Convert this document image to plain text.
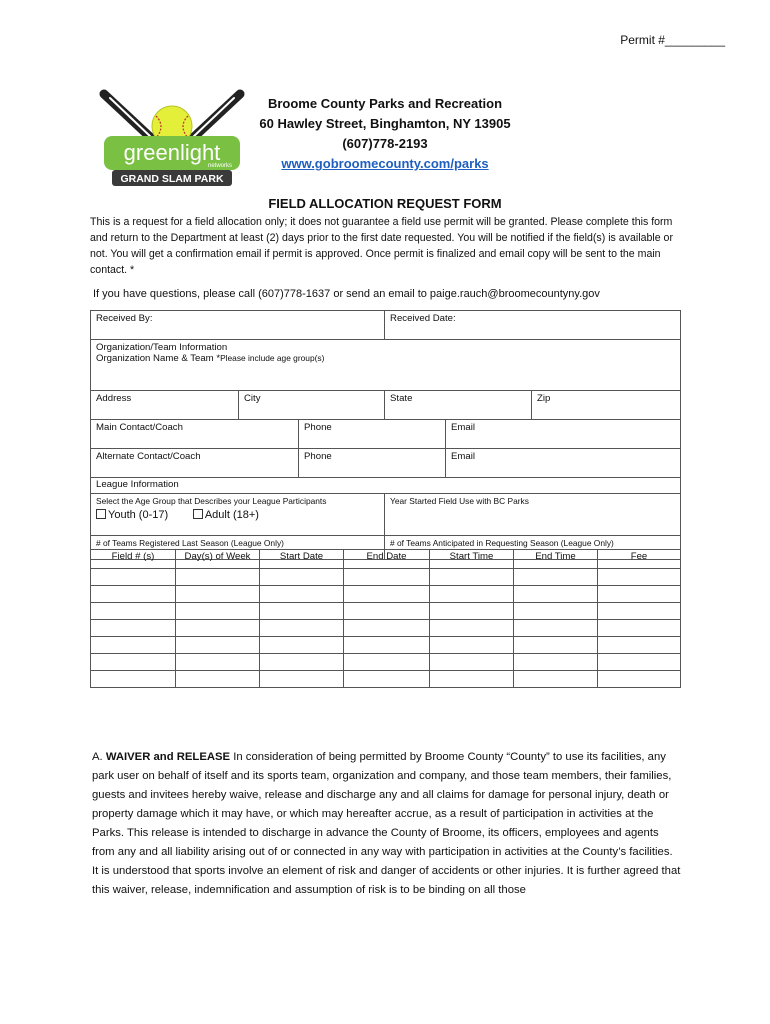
Permit #_________
greenlight
networks
GRAND SLAM PARK
Broome County Parks and Recreation
60 Hawley Street, Binghamton, NY 13905
(607)778-2193
www.gobroomecounty.com/parks
FIELD ALLOCATION REQUEST FORM
This is a request for a field allocation only; it does not guarantee a field use permit will be granted. Please complete this form and return to the Department at least (2) days prior to the first date requested. You will be notified if the field(s) is available or not. You will get a confirmation email if permit is approved. Once permit is finalized and email copy will be sent to the main contact. *
If you have questions, please call (607)778-1637 or send an email to paige.rauch@broomecountyny.gov
Received By:			Received Date:		

Organization/Team Information
Organization Name & Team *Please include age group(s)					

Address	City		State		Zip
Main Contact/Coach		Phone		Email	
Alternate Contact/Coach		Phone		Email	
League Information					

Select the Age Group that Describes your League Participants
Youth (0-17) Adult (18+)			Year Started Field Use with BC Parks		
# of Teams Registered Last Season (League Only)			# of Teams Anticipated in Requesting Season (League Only)		
Field # (s)	Day(s) of Week	Start Date	End Date	Start Time	End Time	Fee

A. WAIVER and RELEASE In consideration of being permitted by Broome County “County” to use its facilities, any park user on behalf of itself and its sports team, organization and company, and those team members, their families, guests and invitees hereby waive, release and discharge any and all claims for damage for personal injury, death or property damage which it may have, or which may hereafter accrue, as a result of participation in activities at the Parks. This release is intended to discharge in advance the County of Broome, its officers, employees and agents from any and all liability arising out of or connected in any way with participation in activities at the County’s facilities. It is understood that sports involve an element of risk and danger of accidents or other injuries. It is further agreed that this waiver, release, indemnification and assumption of risk is to be binding on all those
